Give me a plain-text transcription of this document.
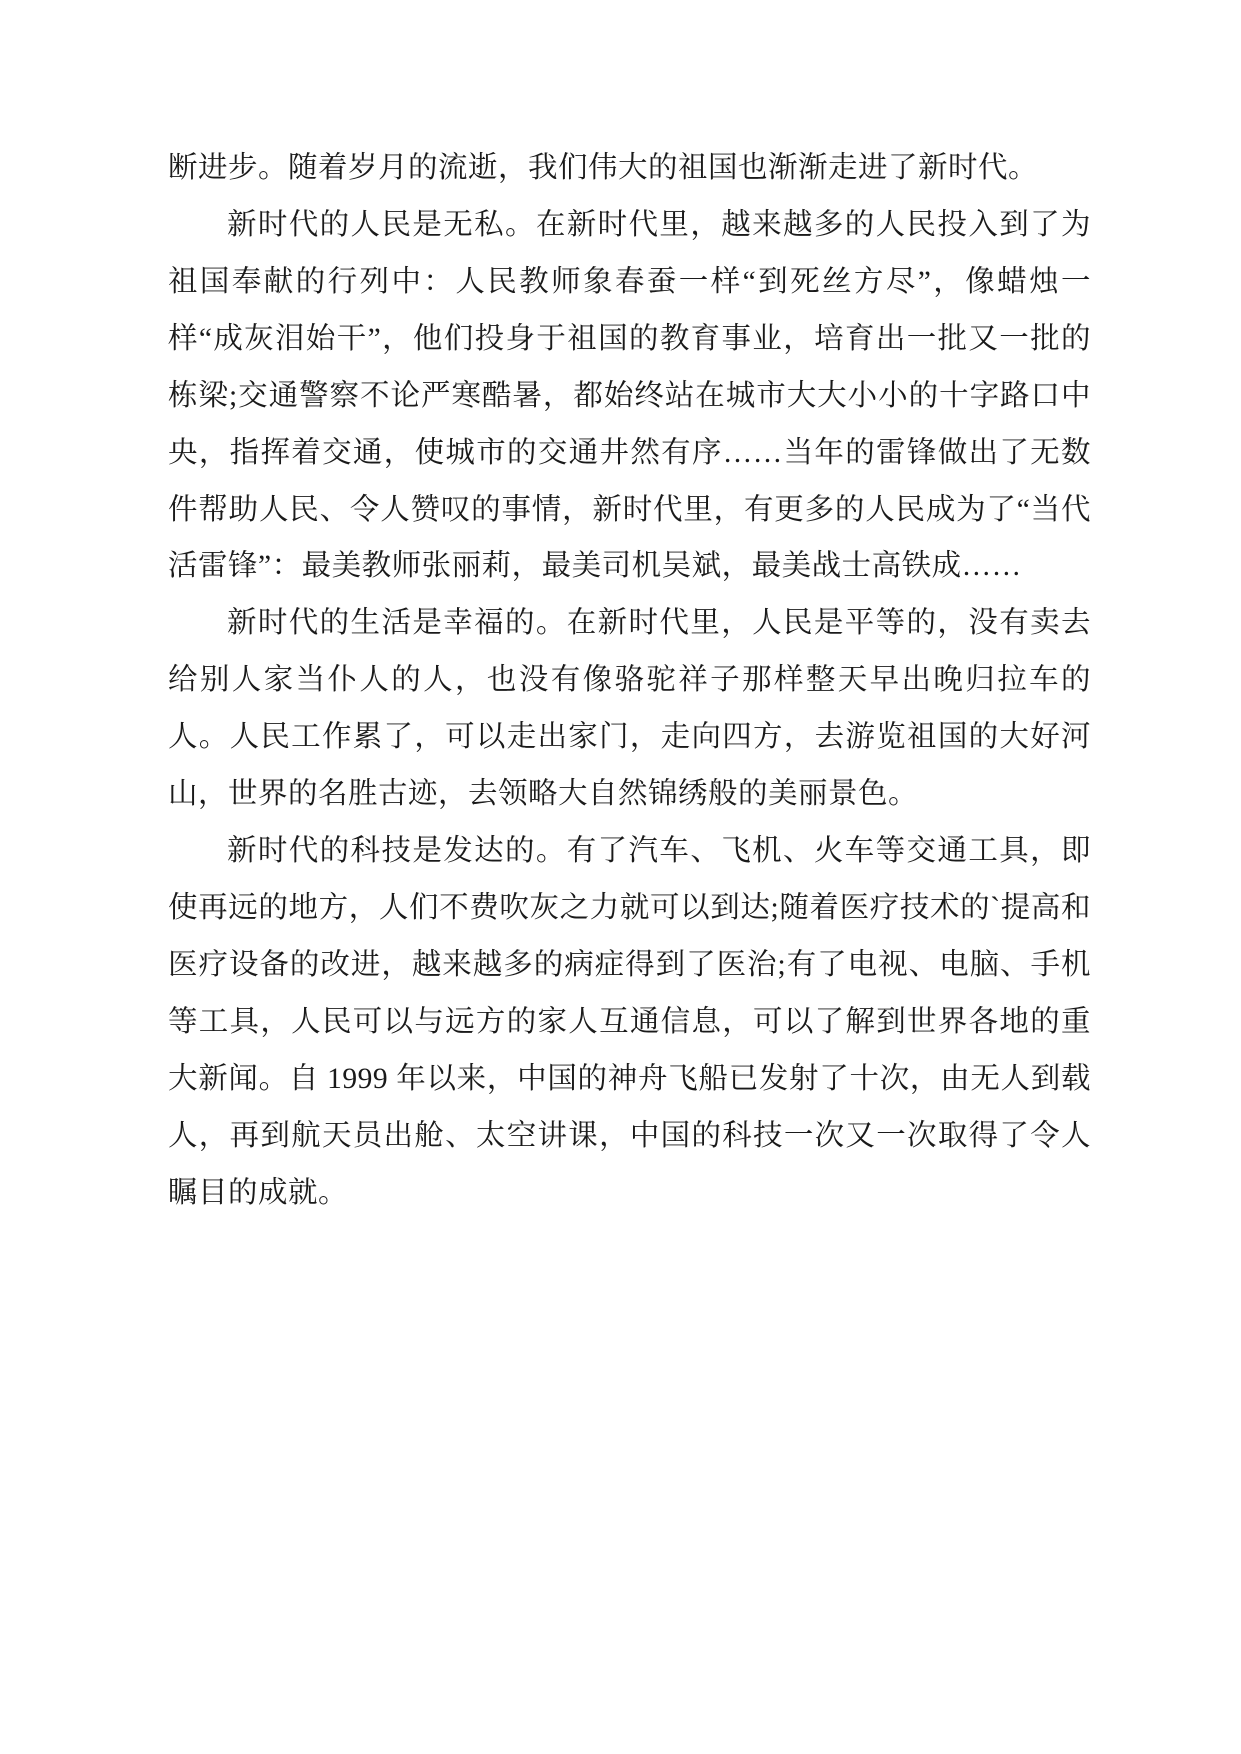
断进步。随着岁月的流逝，我们伟大的祖国也渐渐走进了新时代。

新时代的人民是无私。在新时代里，越来越多的人民投入到了为祖国奉献的行列中：人民教师象春蚕一样“到死丝方尽”，像蜡烛一样“成灰泪始干”，他们投身于祖国的教育事业，培育出一批又一批的栋梁;交通警察不论严寒酷暑，都始终站在城市大大小小的十字路口中央，指挥着交通，使城市的交通井然有序……当年的雷锋做出了无数件帮助人民、令人赞叹的事情，新时代里，有更多的人民成为了“当代活雷锋”：最美教师张丽莉，最美司机吴斌，最美战士高铁成……

新时代的生活是幸福的。在新时代里，人民是平等的，没有卖去给别人家当仆人的人，也没有像骆驼祥子那样整天早出晚归拉车的人。人民工作累了，可以走出家门，走向四方，去游览祖国的大好河山，世界的名胜古迹，去领略大自然锦绣般的美丽景色。

新时代的科技是发达的。有了汽车、飞机、火车等交通工具，即使再远的地方，人们不费吹灰之力就可以到达;随着医疗技术的`提高和医疗设备的改进，越来越多的病症得到了医治;有了电视、电脑、手机等工具，人民可以与远方的家人互通信息，可以了解到世界各地的重大新闻。自 1999 年以来，中国的神舟飞船已发射了十次，由无人到载人，再到航天员出舱、太空讲课，中国的科技一次又一次取得了令人瞩目的成就。
